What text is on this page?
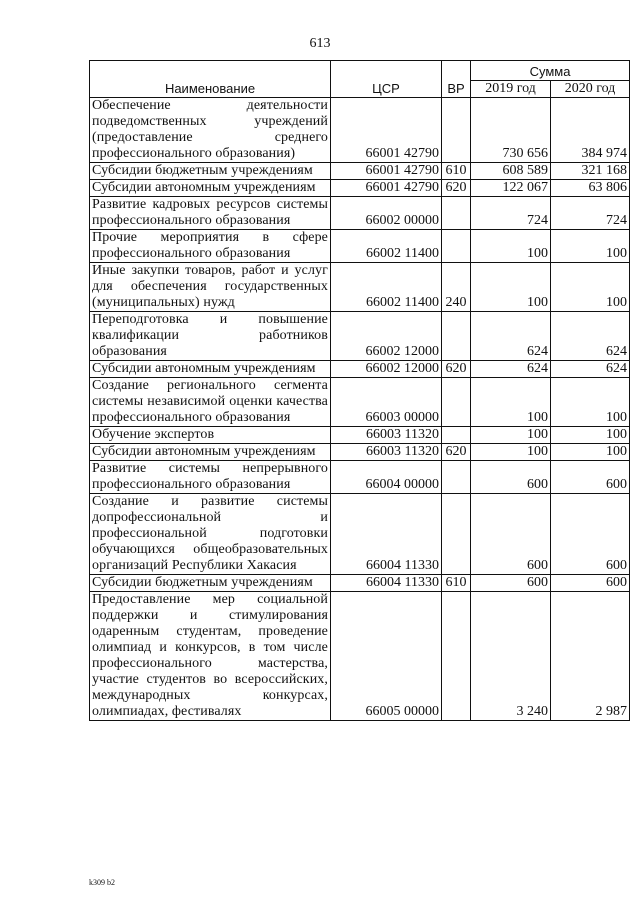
613
Наименование	ЦСР	ВР	Сумма	
			2019 год	2020 год
Обеспечение деятельности подведомственных учреждений (предоставление среднего профессионального образования)	66001 42790		730 656	384 974
Субсидии бюджетным учреждениям	66001 42790	610	608 589	321 168
Субсидии автономным учреждениям	66001 42790	620	122 067	63 806
Развитие кадровых ресурсов системы профессионального образования	66002 00000		724	724
Прочие мероприятия в сфере профессионального образования	66002 11400		100	100
Иные закупки товаров, работ и услуг для обеспечения государственных (муниципальных) нужд	66002 11400	240	100	100
Переподготовка и повышение квалификации работников образования	66002 12000		624	624
Субсидии автономным учреждениям	66002 12000	620	624	624
Создание регионального сегмента системы независимой оценки качества профессионального образования	66003 00000		100	100
Обучение экспертов	66003 11320		100	100
Субсидии автономным учреждениям	66003 11320	620	100	100
Развитие системы непрерывного профессионального образования	66004 00000		600	600
Создание и развитие системы допрофессиональной и профессиональной подготовки обучающихся общеобразовательных организаций Республики Хакасия	66004 11330		600	600
Субсидии бюджетным учреждениям	66004 11330	610	600	600
Предоставление мер социальной поддержки и стимулирования одаренным студентам, проведение олимпиад и конкурсов, в том числе профессионального мастерства, участие студентов во всероссийских, международных конкурсах, олимпиадах, фестивалях	66005 00000		3 240	2 987
k309 b2
